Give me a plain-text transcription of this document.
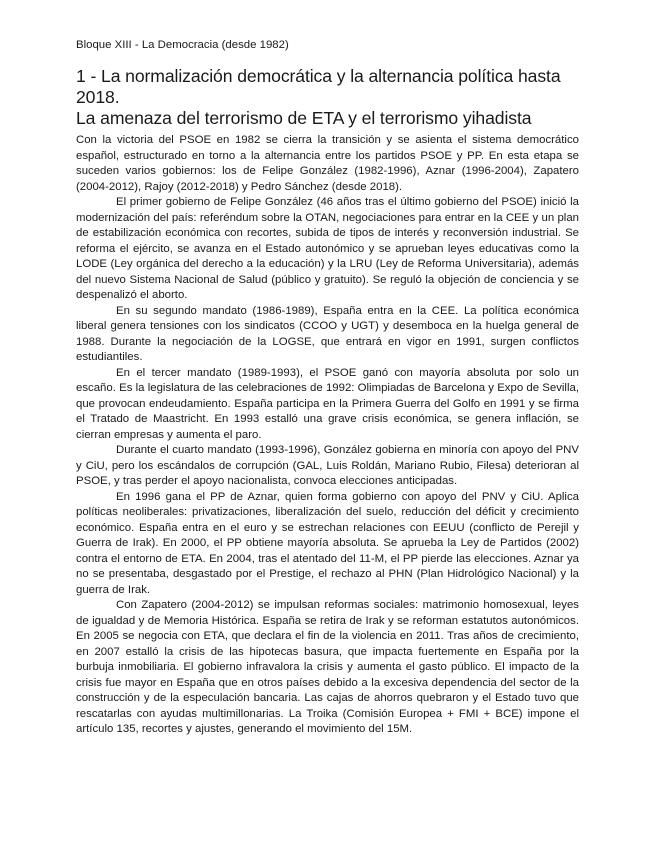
Bloque XIII - La Democracia (desde 1982)
1 - La normalización democrática y la alternancia política hasta 2018.
La amenaza del terrorismo de ETA y el terrorismo yihadista

Con la victoria del PSOE en 1982 se cierra la transición y se asienta el sistema democrático español, estructurado en torno a la alternancia entre los partidos PSOE y PP. En esta etapa se suceden varios gobiernos: los de Felipe González (1982-1996), Aznar (1996-2004), Zapatero (2004-2012), Rajoy (2012-2018) y Pedro Sánchez (desde 2018).

El primer gobierno de Felipe González (46 años tras el último gobierno del PSOE) inició la modernización del país: referéndum sobre la OTAN, negociaciones para entrar en la CEE y un plan de estabilización económica con recortes, subida de tipos de interés y reconversión industrial. Se reforma el ejército, se avanza en el Estado autonómico y se aprueban leyes educativas como la LODE (Ley orgánica del derecho a la educación) y la LRU (Ley de Reforma Universitaria), además del nuevo Sistema Nacional de Salud (público y gratuito). Se reguló la objeción de conciencia y se despenalizó el aborto.

En su segundo mandato (1986-1989), España entra en la CEE. La política económica liberal genera tensiones con los sindicatos (CCOO y UGT) y desemboca en la huelga general de 1988. Durante la negociación de la LOGSE, que entrará en vigor en 1991, surgen conflictos estudiantiles.

En el tercer mandato (1989-1993), el PSOE ganó con mayoría absoluta por solo un escaño. Es la legislatura de las celebraciones de 1992: Olimpiadas de Barcelona y Expo de Sevilla, que provocan endeudamiento. España participa en la Primera Guerra del Golfo en 1991 y se firma el Tratado de Maastricht. En 1993 estalló una grave crisis económica, se genera inflación, se cierran empresas y aumenta el paro.

Durante el cuarto mandato (1993-1996), González gobierna en minoría con apoyo del PNV y CiU, pero los escándalos de corrupción (GAL, Luis Roldán, Mariano Rubio, Filesa) deterioran al PSOE, y tras perder el apoyo nacionalista, convoca elecciones anticipadas.

En 1996 gana el PP de Aznar, quien forma gobierno con apoyo del PNV y CiU. Aplica políticas neoliberales: privatizaciones, liberalización del suelo, reducción del déficit y crecimiento económico. España entra en el euro y se estrechan relaciones con EEUU (conflicto de Perejil y Guerra de Irak). En 2000, el PP obtiene mayoría absoluta. Se aprueba la Ley de Partidos (2002) contra el entorno de ETA. En 2004, tras el atentado del 11-M, el PP pierde las elecciones. Aznar ya no se presentaba, desgastado por el Prestige, el rechazo al PHN (Plan Hidrológico Nacional) y la guerra de Irak.

Con Zapatero (2004-2012) se impulsan reformas sociales: matrimonio homosexual, leyes de igualdad y de Memoria Histórica. España se retira de Irak y se reforman estatutos autonómicos. En 2005 se negocia con ETA, que declara el fin de la violencia en 2011. Tras años de crecimiento, en 2007 estalló la crisis de las hipotecas basura, que impacta fuertemente en España por la burbuja inmobiliaria. El gobierno infravalora la crisis y aumenta el gasto público. El impacto de la crisis fue mayor en España que en otros países debido a la excesiva dependencia del sector de la construcción y de la especulación bancaria. Las cajas de ahorros quebraron y el Estado tuvo que rescatarlas con ayudas multimillonarias. La Troika (Comisión Europea + FMI + BCE) impone el artículo 135, recortes y ajustes, generando el movimiento del 15M.
